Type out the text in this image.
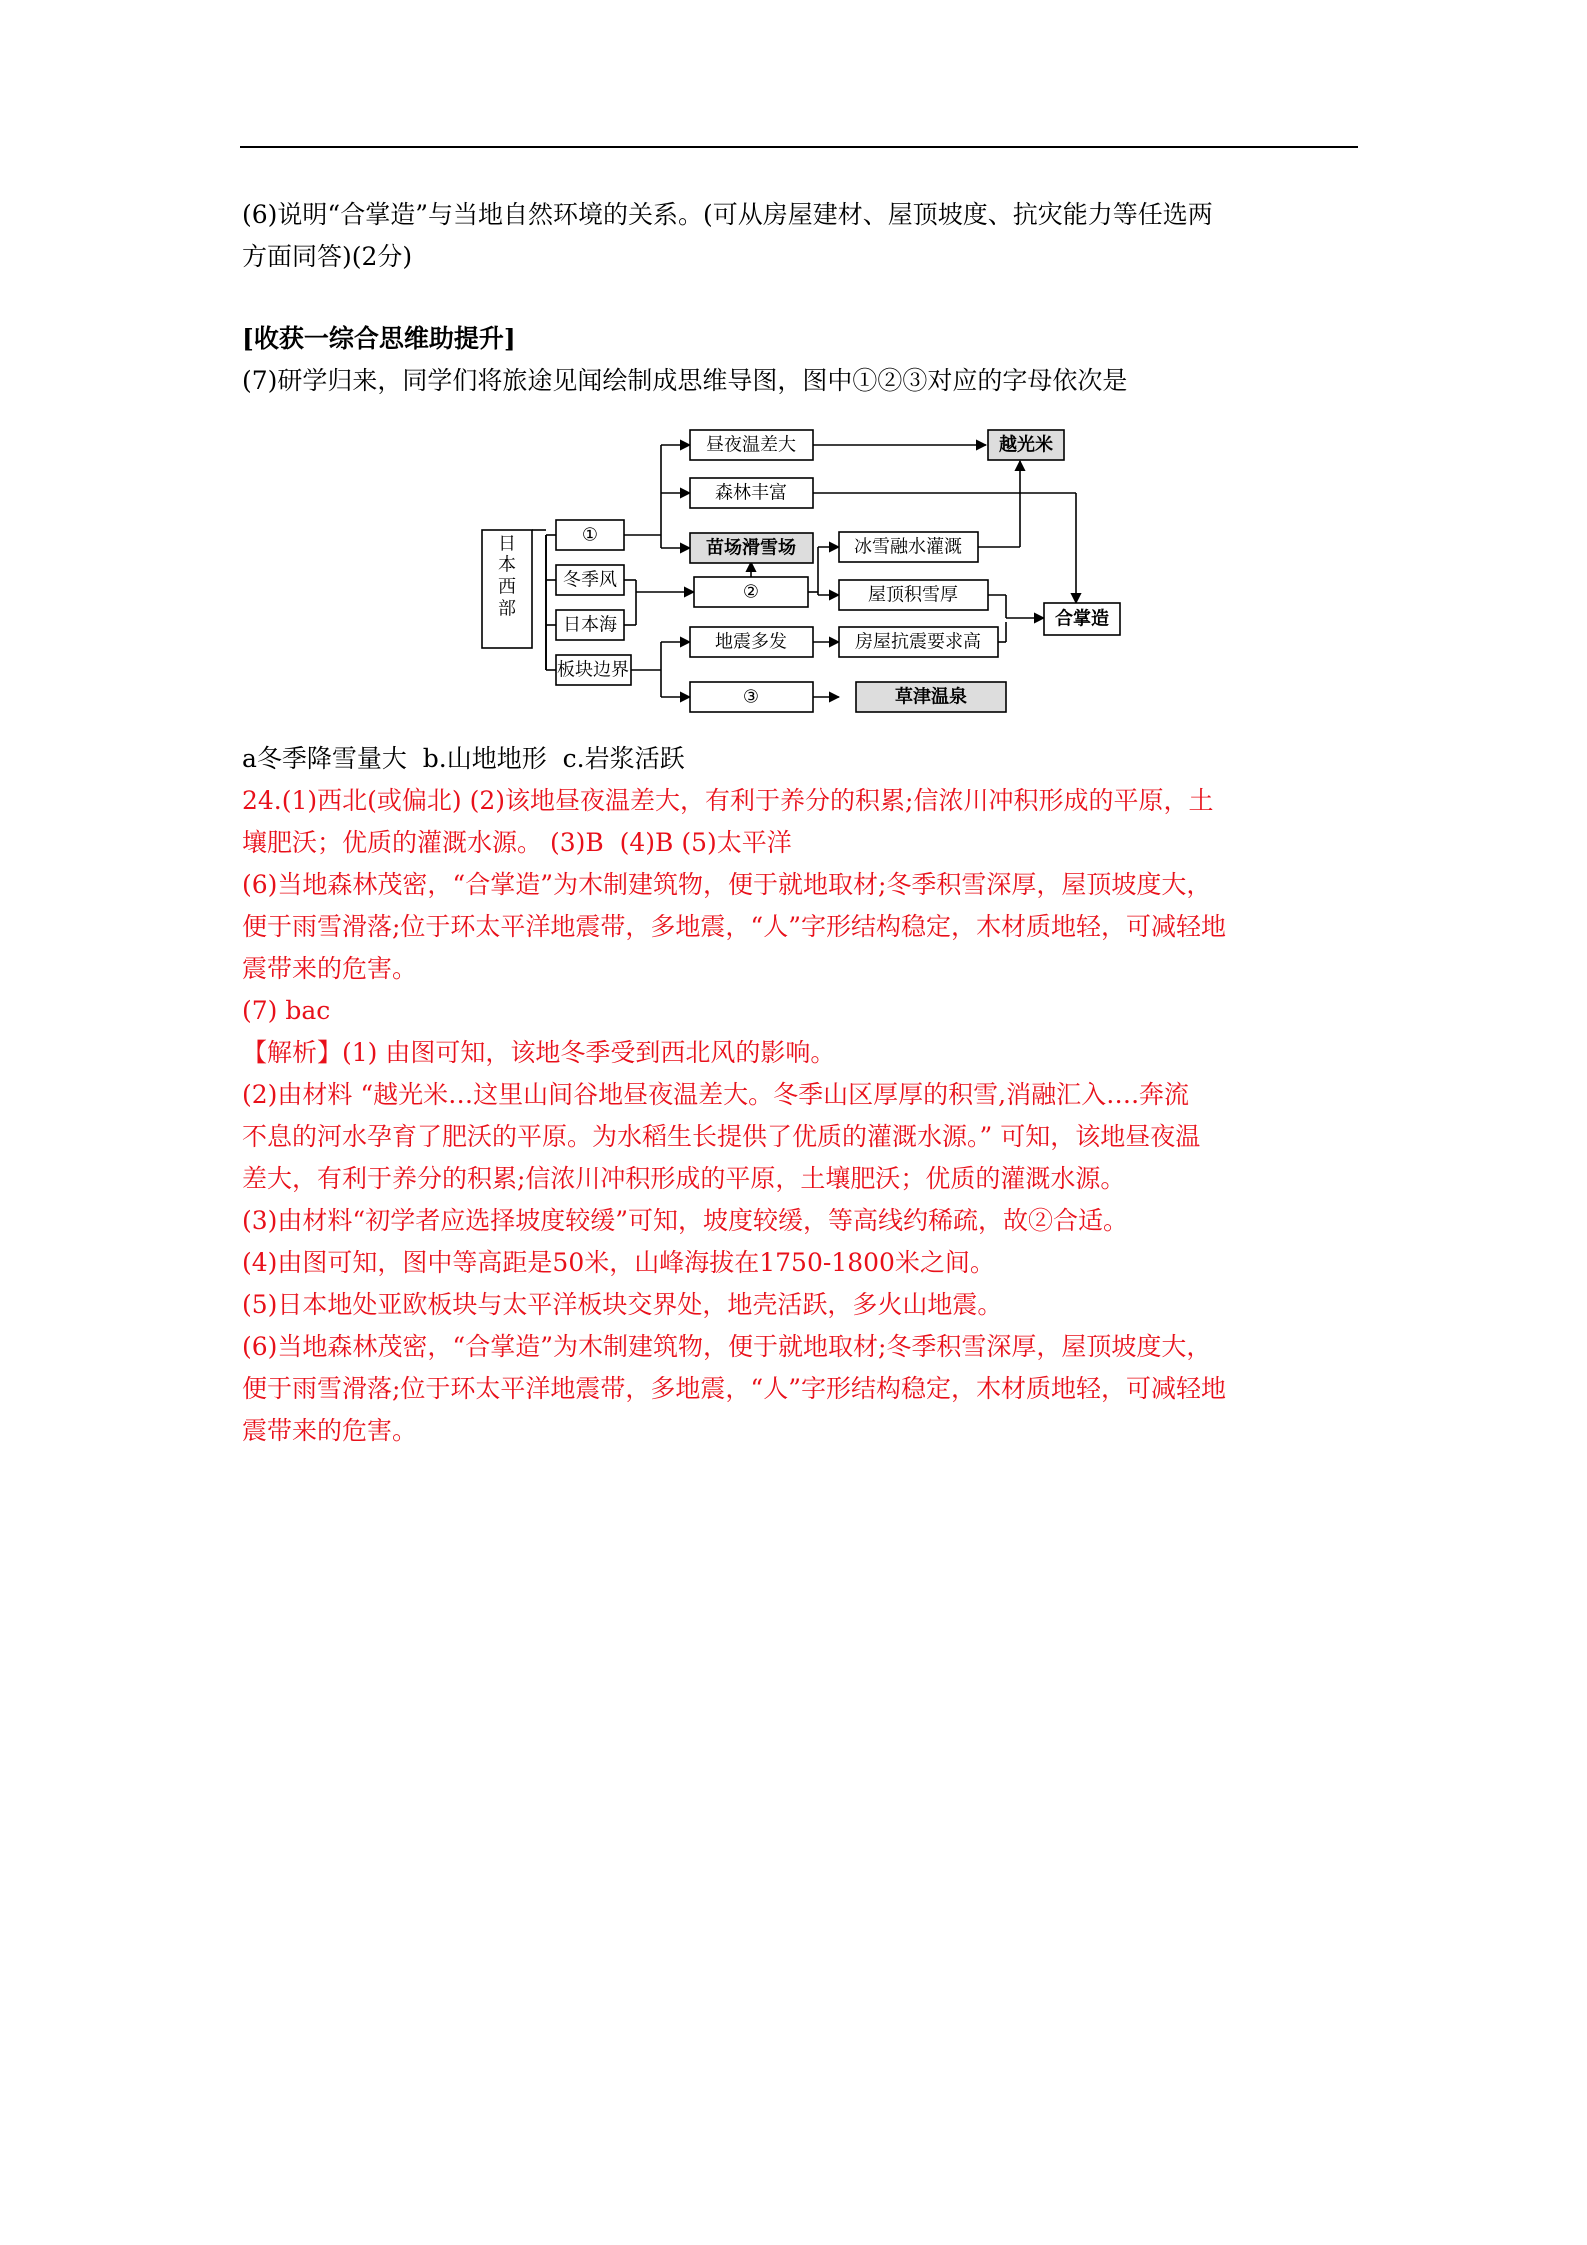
(6)说明“合掌造”与当地自然环境的关系。(可从房屋建材、屋顶坡度、抗灾能力等任选两

方面同答)(2分)

[收获一综合思维助提升]

(7)研学归来，同学们将旅途见闻绘制成思维导图，图中①②③对应的字母依次是

日
本
西
部
①
冬季风
日本海
板块边界
昼夜温差大
森林丰富
苗场滑雪场
②
地震多发
③
冰雪融水灌溉
屋顶积雪厚
房屋抗震要求高
草津温泉
越光米
合掌造

a冬季降雪量大  b.山地地形  c.岩浆活跃

24.(1)西北(或偏北) (2)该地昼夜温差大，有利于养分的积累;信浓川冲积形成的平原，土

壤肥沃；优质的灌溉水源。 (3)B  (4)B (5)太平洋

(6)当地森林茂密，“合掌造”为木制建筑物，便于就地取材;冬季积雪深厚，屋顶坡度大，

便于雨雪滑落;位于环太平洋地震带，多地震，“人”字形结构稳定，木材质地轻，可减轻地

震带来的危害。

(7) bac

【解析】(1) 由图可知，该地冬季受到西北风的影响。

(2)由材料 “越光米…这里山间谷地昼夜温差大。冬季山区厚厚的积雪,消融汇入….奔流

不息的河水孕育了肥沃的平原。为水稻生长提供了优质的灌溉水源。” 可知，该地昼夜温

差大，有利于养分的积累;信浓川冲积形成的平原，土壤肥沃；优质的灌溉水源。

(3)由材料“初学者应选择坡度较缓”可知，坡度较缓，等高线约稀疏，故②合适。

(4)由图可知，图中等高距是50米，山峰海拔在1750-1800米之间。

(5)日本地处亚欧板块与太平洋板块交界处，地壳活跃，多火山地震。

(6)当地森林茂密，“合掌造”为木制建筑物，便于就地取材;冬季积雪深厚，屋顶坡度大，

便于雨雪滑落;位于环太平洋地震带，多地震，“人”字形结构稳定，木材质地轻，可减轻地

震带来的危害。
